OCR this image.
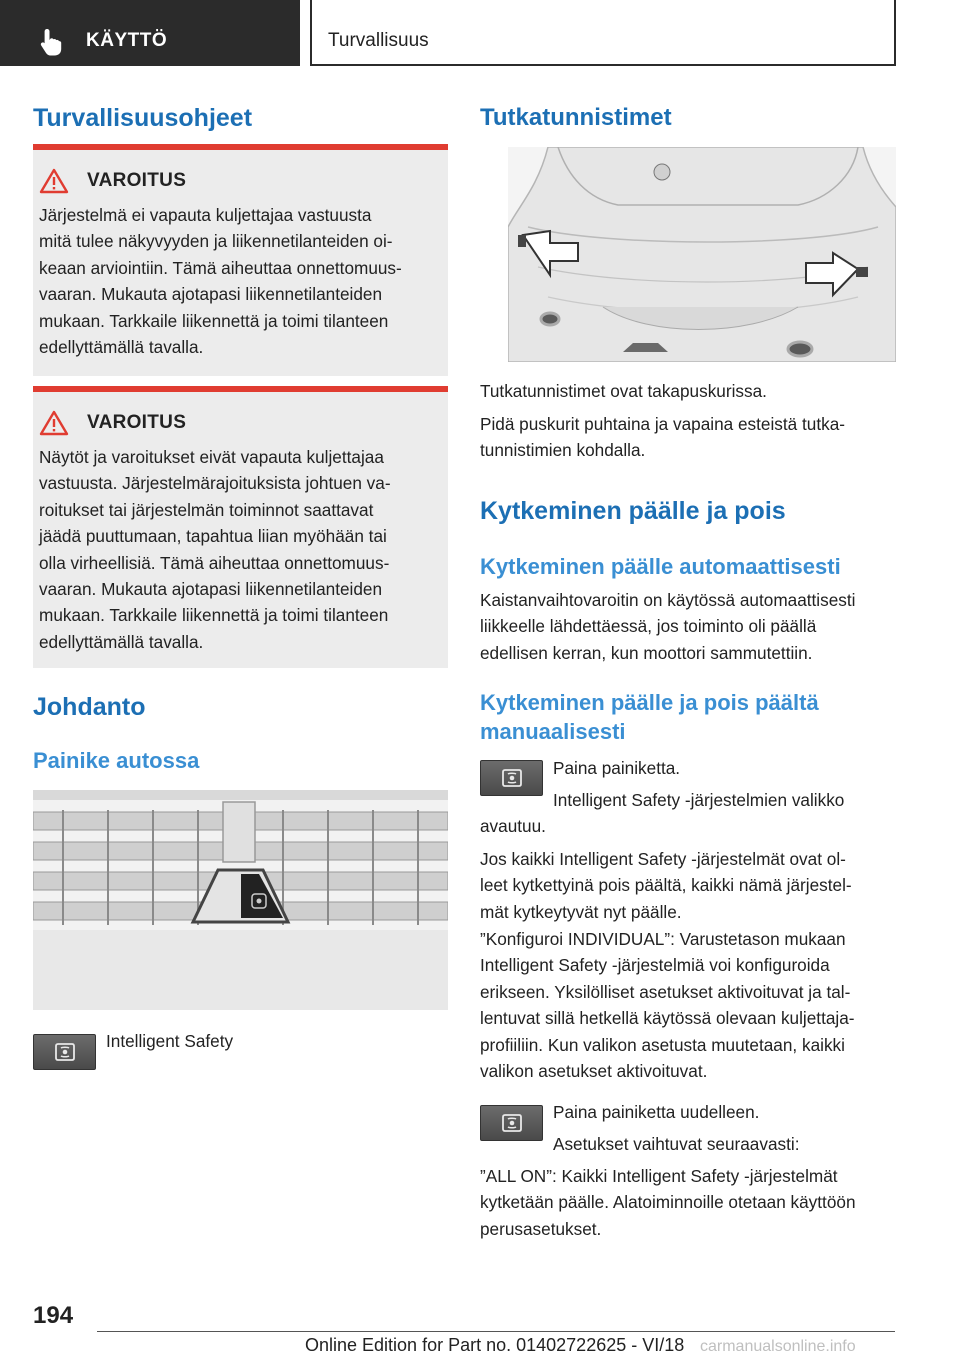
KÄYTTÖ	Turvallisuus
Turvallisuusohjeet
VAROITUS
Järjestelmä ei vapauta kuljettajaa vastuusta
mitä tulee näkyvyyden ja liikennetilanteiden oi-
keaan arviointiin. Tämä aiheuttaa onnettomuus-
vaaran. Mukauta ajotapasi liikennetilanteiden
mukaan. Tarkkaile liikennettä ja toimi tilanteen
edellyttämällä tavalla.
VAROITUS
Näytöt ja varoitukset eivät vapauta kuljettajaa
vastuusta. Järjestelmärajoituksista johtuen va-
roitukset tai järjestelmän toiminnot saattavat
jäädä puuttumaan, tapahtua liian myöhään tai
olla virheellisiä. Tämä aiheuttaa onnettomuus-
vaaran. Mukauta ajotapasi liikennetilanteiden
mukaan. Tarkkaile liikennettä ja toimi tilanteen
edellyttämällä tavalla.
Johdanto
Painike autossa
Intelligent Safety
Tutkatunnistimet
Tutkatunnistimet ovat takapuskurissa.
Pidä puskurit puhtaina ja vapaina esteistä tutka-
tunnistimien kohdalla.
Kytkeminen päälle ja pois
Kytkeminen päälle automaattisesti
Kaistanvaihtovaroitin on käytössä automaattisesti
liikkeelle lähdettäessä, jos toiminto oli päällä
edellisen kerran, kun moottori sammutettiin.
Kytkeminen päälle ja pois päältä
manuaalisesti
Paina painiketta.
Intelligent Safety -järjestelmien valikko
avautuu.
Jos kaikki Intelligent Safety -järjestelmät ovat ol-
leet kytkettyinä pois päältä, kaikki nämä järjestel-
mät kytkeytyvät nyt päälle.
”Konfiguroi INDIVIDUAL”: Varustetason mukaan
Intelligent Safety -järjestelmiä voi konfiguroida
erikseen. Yksilölliset asetukset aktivoituvat ja tal-
lentuvat sillä hetkellä käytössä olevaan kuljettaja-
profiiliin. Kun valikon asetusta muutetaan, kaikki
valikon asetukset aktivoituvat.
Paina painiketta uudelleen.
Asetukset vaihtuvat seuraavasti:
”ALL ON”: Kaikki Intelligent Safety -järjestelmät
kytketään päälle. Alatoiminnoille otetaan käyttöön
perusasetukset.
194
Online Edition for Part no. 01402722625 - VI/18 carmanualsonline.info
